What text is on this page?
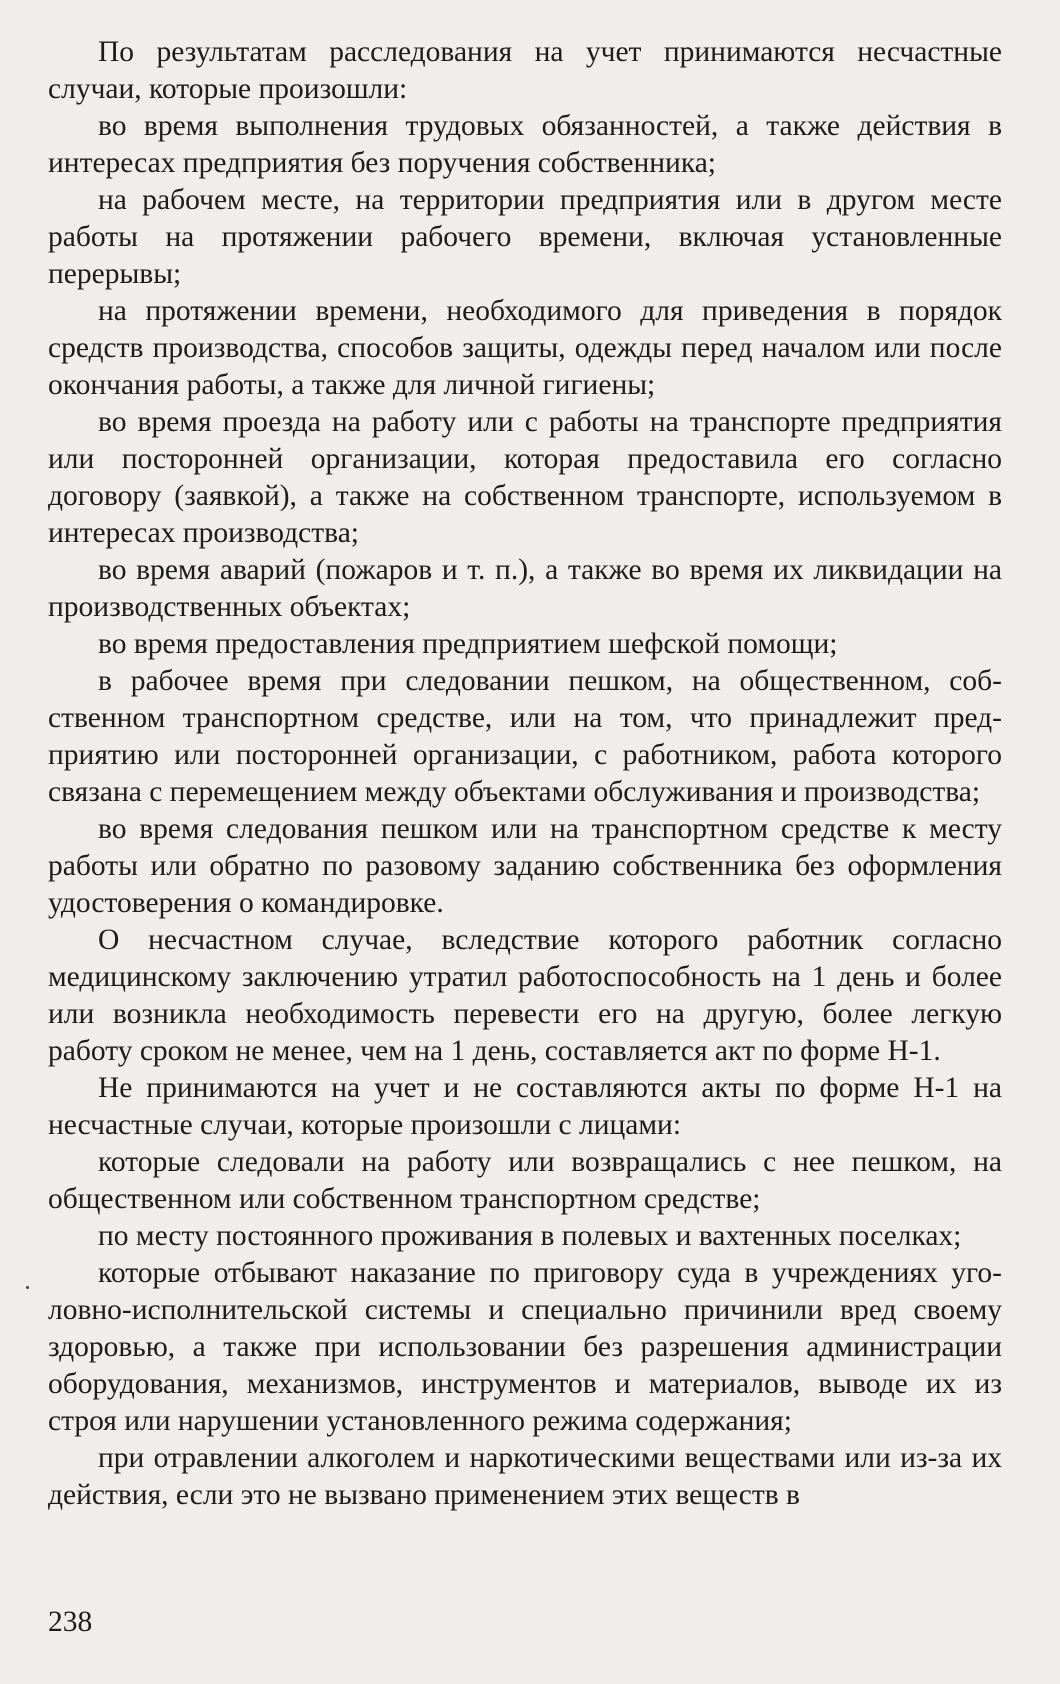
По результатам расследования на учет принимаются несчастные случаи, которые произошли:

во время выполнения трудовых обязанностей, а также действия в интересах предприятия без поручения собственника;

на рабочем месте, на территории предприятия или в другом месте работы на протяжении рабочего времени, включая установленные перерывы;

на протяжении времени, необходимого для приведения в порядок средств производства, способов защиты, одежды перед началом или после окончания работы, а также для личной гигиены;

во время проезда на работу или с работы на транспорте предприятия или посторонней организации, которая предоставила его согласно договору (заявкой), а также на собственном транспорте, используемом в интересах производства;

во время аварий (пожаров и т. п.), а также во время их ликвидации на производственных объектах;

во время предоставления предприятием шефской помощи;

в рабочее время при следовании пешком, на общественном, собственном транспортном средстве, или на том, что принадлежит предприятию или посторонней организации, с работником, работа которого связана с перемещением между объектами обслуживания и производства;

во время следования пешком или на транспортном средстве к месту работы или обратно по разовому заданию собственника без оформления удостоверения о командировке.

О несчастном случае, вследствие которого работник согласно медицинскому заключению утратил работоспособность на 1 день и более или возникла необходимость перевести его на другую, более легкую работу сроком не менее, чем на 1 день, составляется акт по форме Н-1.

Не принимаются на учет и не составляются акты по форме Н-1 на несчастные случаи, которые произошли с лицами:

которые следовали на работу или возвращались с нее пешком, на общественном или собственном транспортном средстве;

по месту постоянного проживания в полевых и вахтенных поселках;

которые отбывают наказание по приговору суда в учреждениях уголовно-исполнительской системы и специально причинили вред своему здоровью, а также при использовании без разрешения администрации оборудования, механизмов, инструментов и материалов, выводе их из строя или нарушении установленного режима содержания;

при отравлении алкоголем и наркотическими веществами или из-за их действия, если это не вызвано применением этих веществ в

238
